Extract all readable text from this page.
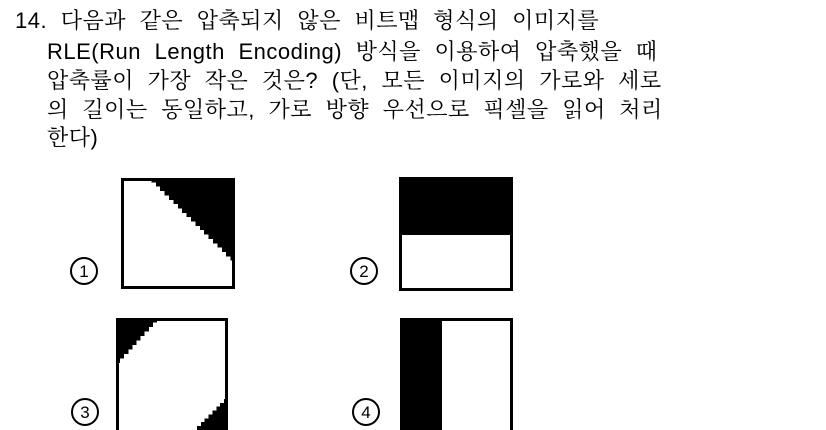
14. 다음과 같은 압축되지 않은 비트맵 형식의 이미지를
RLE(Run Length Encoding) 방식을 이용하여 압축했을 때
압축률이 가장 작은 것은? (단, 모든 이미지의 가로와 세로
의 길이는 동일하고, 가로 방향 우선으로 픽셀을 읽어 처리
한다)
1	2
3	4
